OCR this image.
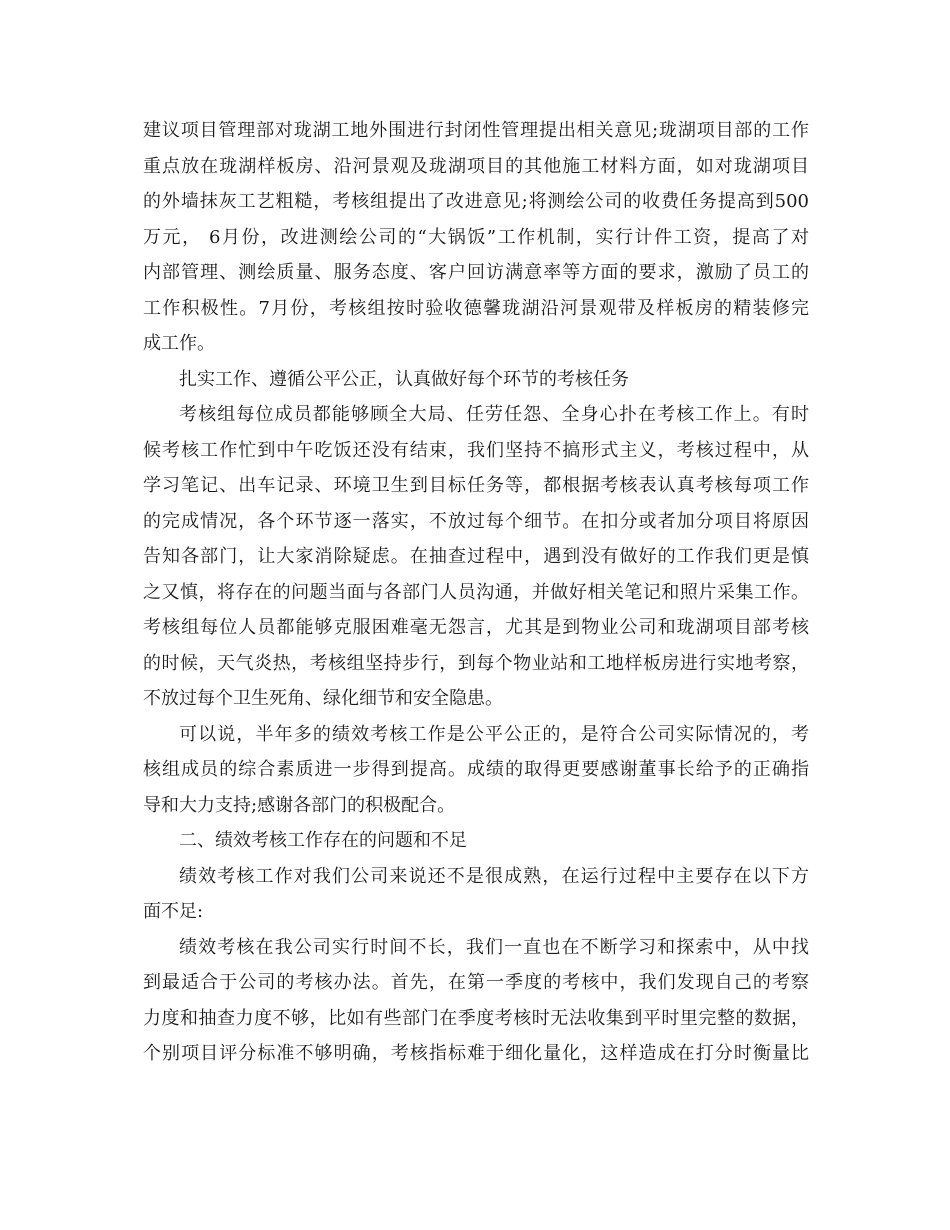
建议项目管理部对珑湖工地外围进行封闭性管理提出相关意见;珑湖项目部的工作
重点放在珑湖样板房、沿河景观及珑湖项目的其他施工材料方面，如对珑湖项目
的外墙抹灰工艺粗糙，考核组提出了改进意见;将测绘公司的收费任务提高到500
万元， 6月份，改进测绘公司的“大锅饭”工作机制，实行计件工资，提高了对
内部管理、测绘质量、服务态度、客户回访满意率等方面的要求，激励了员工的
工作积极性。7月份，考核组按时验收德馨珑湖沿河景观带及样板房的精装修完
成工作。
扎实工作、遵循公平公正，认真做好每个环节的考核任务
考核组每位成员都能够顾全大局、任劳任怨、全身心扑在考核工作上。有时
候考核工作忙到中午吃饭还没有结束，我们坚持不搞形式主义，考核过程中，从
学习笔记、出车记录、环境卫生到目标任务等，都根据考核表认真考核每项工作
的完成情况，各个环节逐一落实，不放过每个细节。在扣分或者加分项目将原因
告知各部门，让大家消除疑虑。在抽查过程中，遇到没有做好的工作我们更是慎
之又慎，将存在的问题当面与各部门人员沟通，并做好相关笔记和照片采集工作。
考核组每位人员都能够克服困难毫无怨言，尤其是到物业公司和珑湖项目部考核
的时候，天气炎热，考核组坚持步行，到每个物业站和工地样板房进行实地考察，
不放过每个卫生死角、绿化细节和安全隐患。
可以说，半年多的绩效考核工作是公平公正的，是符合公司实际情况的，考
核组成员的综合素质进一步得到提高。成绩的取得更要感谢董事长给予的正确指
导和大力支持;感谢各部门的积极配合。
二、绩效考核工作存在的问题和不足
绩效考核工作对我们公司来说还不是很成熟，在运行过程中主要存在以下方
面不足:
绩效考核在我公司实行时间不长，我们一直也在不断学习和探索中，从中找
到最适合于公司的考核办法。首先，在第一季度的考核中，我们发现自己的考察
力度和抽查力度不够，比如有些部门在季度考核时无法收集到平时里完整的数据，
个别项目评分标准不够明确，考核指标难于细化量化，这样造成在打分时衡量比
